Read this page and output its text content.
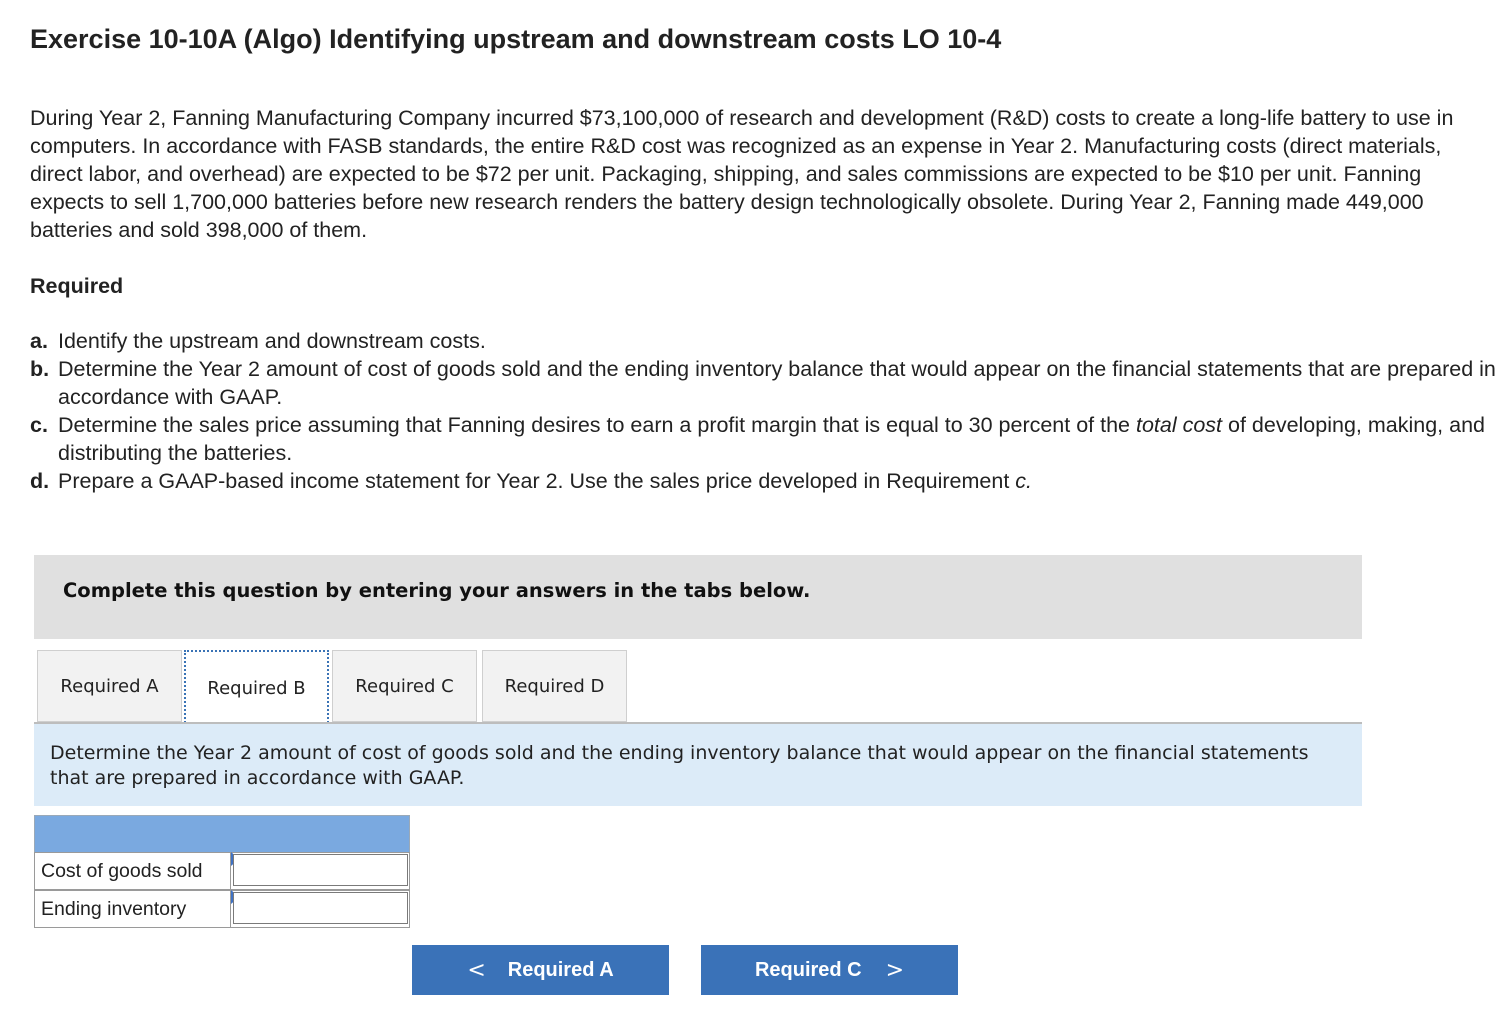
Exercise 10-10A (Algo) Identifying upstream and downstream costs LO 10-4
During Year 2, Fanning Manufacturing Company incurred $73,100,000 of research and development (R&D) costs to create a long-life battery to use in computers. In accordance with FASB standards, the entire R&D cost was recognized as an expense in Year 2. Manufacturing costs (direct materials, direct labor, and overhead) are expected to be $72 per unit. Packaging, shipping, and sales commissions are expected to be $10 per unit. Fanning expects to sell 1,700,000 batteries before new research renders the battery design technologically obsolete. During Year 2, Fanning made 449,000 batteries and sold 398,000 of them.
Required
a. Identify the upstream and downstream costs.
b. Determine the Year 2 amount of cost of goods sold and the ending inventory balance that would appear on the financial statements that are prepared in accordance with GAAP.
c. Determine the sales price assuming that Fanning desires to earn a profit margin that is equal to 30 percent of the total cost of developing, making, and distributing the batteries.
d. Prepare a GAAP-based income statement for Year 2. Use the sales price developed in Requirement c.
Complete this question by entering your answers in the tabs below.
Required A	Required B	Required C	Required D
Determine the Year 2 amount of cost of goods sold and the ending inventory balance that would appear on the financial statements that are prepared in accordance with GAAP.
Cost of goods sold
Ending inventory
< Required A	Required C >
